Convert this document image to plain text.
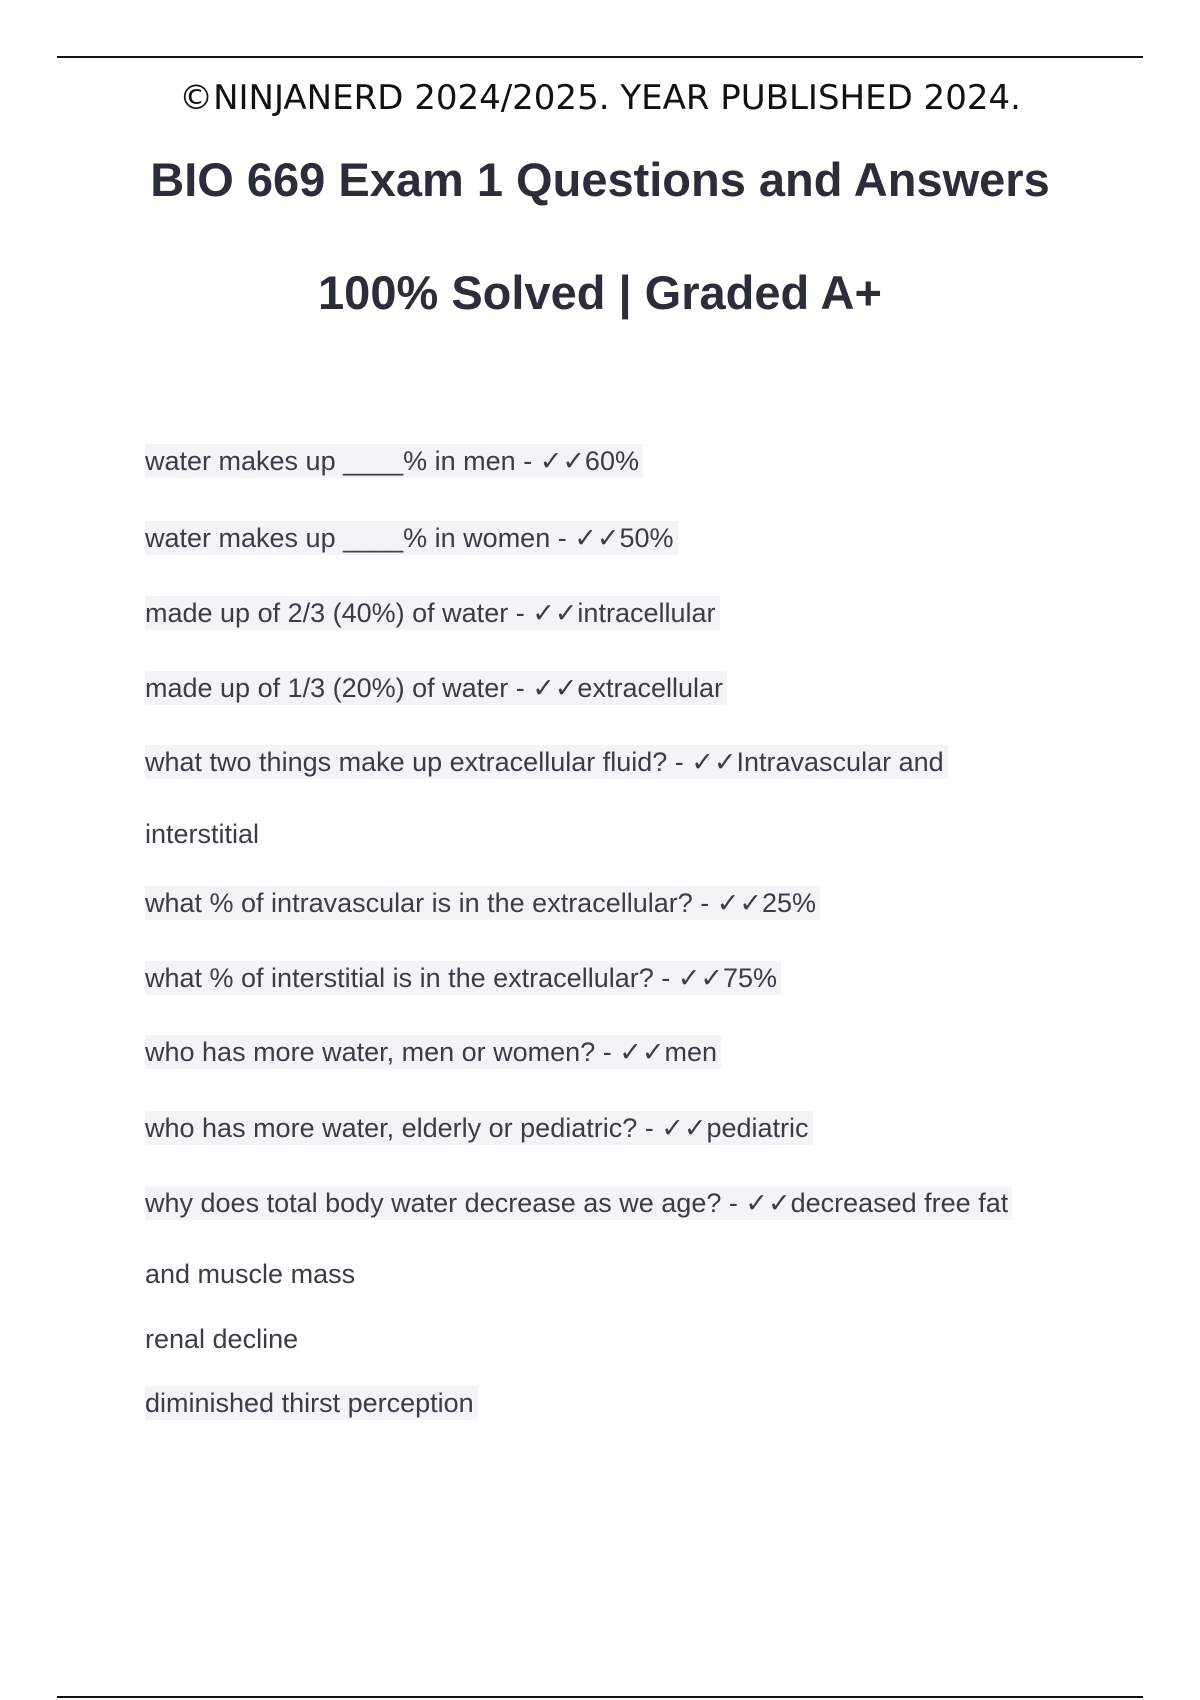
©NINJANERD 2024/2025. YEAR PUBLISHED 2024.
BIO 669 Exam 1 Questions and Answers
100% Solved | Graded A+
water makes up ____% in men - ✓✓60%
water makes up ____% in women - ✓✓50%
made up of 2/3 (40%) of water - ✓✓intracellular
made up of 1/3 (20%) of water - ✓✓extracellular
what two things make up extracellular fluid? - ✓✓Intravascular and
interstitial
what % of intravascular is in the extracellular? - ✓✓25%
what % of interstitial is in the extracellular? - ✓✓75%
who has more water, men or women? - ✓✓men
who has more water, elderly or pediatric? - ✓✓pediatric
why does total body water decrease as we age? - ✓✓decreased free fat
and muscle mass
renal decline
diminished thirst perception
